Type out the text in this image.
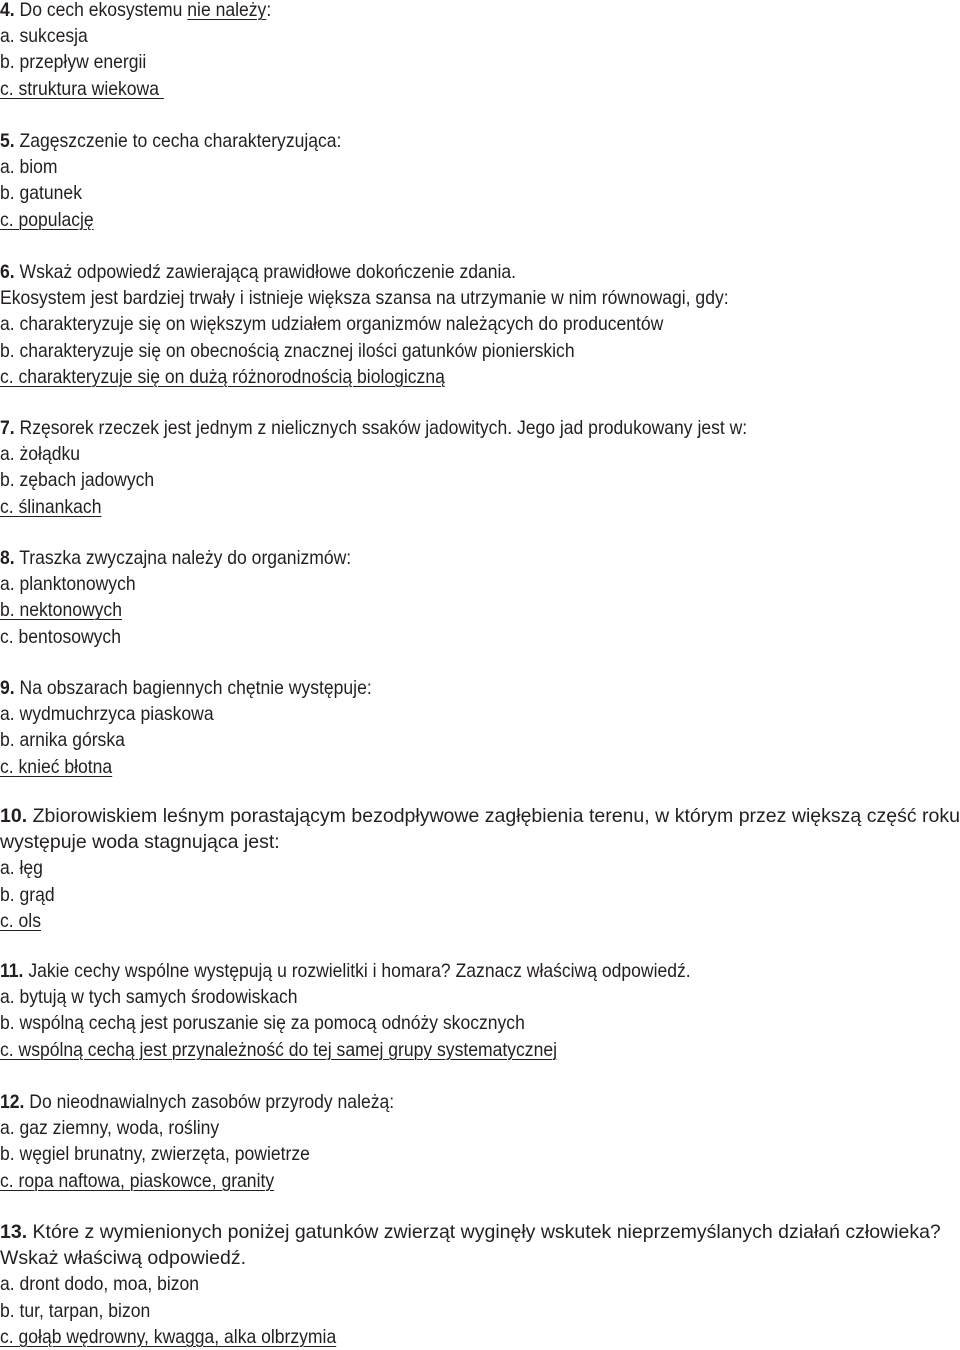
4. Do cech ekosystemu nie należy:
a. sukcesja
b. przepływ energii
c. struktura wiekowa
5. Zagęszczenie to cecha charakteryzująca:
a. biom
b. gatunek
c. populację
6. Wskaż odpowiedź zawierającą prawidłowe dokończenie zdania.
Ekosystem jest bardziej trwały i istnieje większa szansa na utrzymanie w nim równowagi, gdy:
a. charakteryzuje się on większym udziałem organizmów należących do producentów
b. charakteryzuje się on obecnością znacznej ilości gatunków pionierskich
c. charakteryzuje się on dużą różnorodnością biologiczną
7. Rzęsorek rzeczek jest jednym z nielicznych ssaków jadowitych. Jego jad produkowany jest w:
a. żołądku
b. zębach jadowych
c. ślinankach
8. Traszka zwyczajna należy do organizmów:
a. planktonowych
b. nektonowych
c. bentosowych
9. Na obszarach bagiennych chętnie występuje:
a. wydmuchrzyca piaskowa
b. arnika górska
c. knieć błotna
10. Zbiorowiskiem leśnym porastającym bezodpływowe zagłębienia terenu, w którym przez większą część roku występuje woda stagnująca jest:
a. łęg
b. grąd
c. ols
11. Jakie cechy wspólne występują u rozwielitki i homara? Zaznacz właściwą odpowiedź.
a. bytują w tych samych środowiskach
b. wspólną cechą jest poruszanie się za pomocą odnóży skocznych
c. wspólną cechą jest przynależność do tej samej grupy systematycznej
12. Do nieodnawialnych zasobów przyrody należą:
a. gaz ziemny, woda, rośliny
b. węgiel brunatny, zwierzęta, powietrze
c. ropa naftowa, piaskowce, granity
13. Które z wymienionych poniżej gatunków zwierząt wyginęły wskutek nieprzemyślanych działań człowieka? Wskaż właściwą odpowiedź.
a. dront dodo, moa, bizon
b. tur, tarpan, bizon
c. gołąb wędrowny, kwagga, alka olbrzymia
